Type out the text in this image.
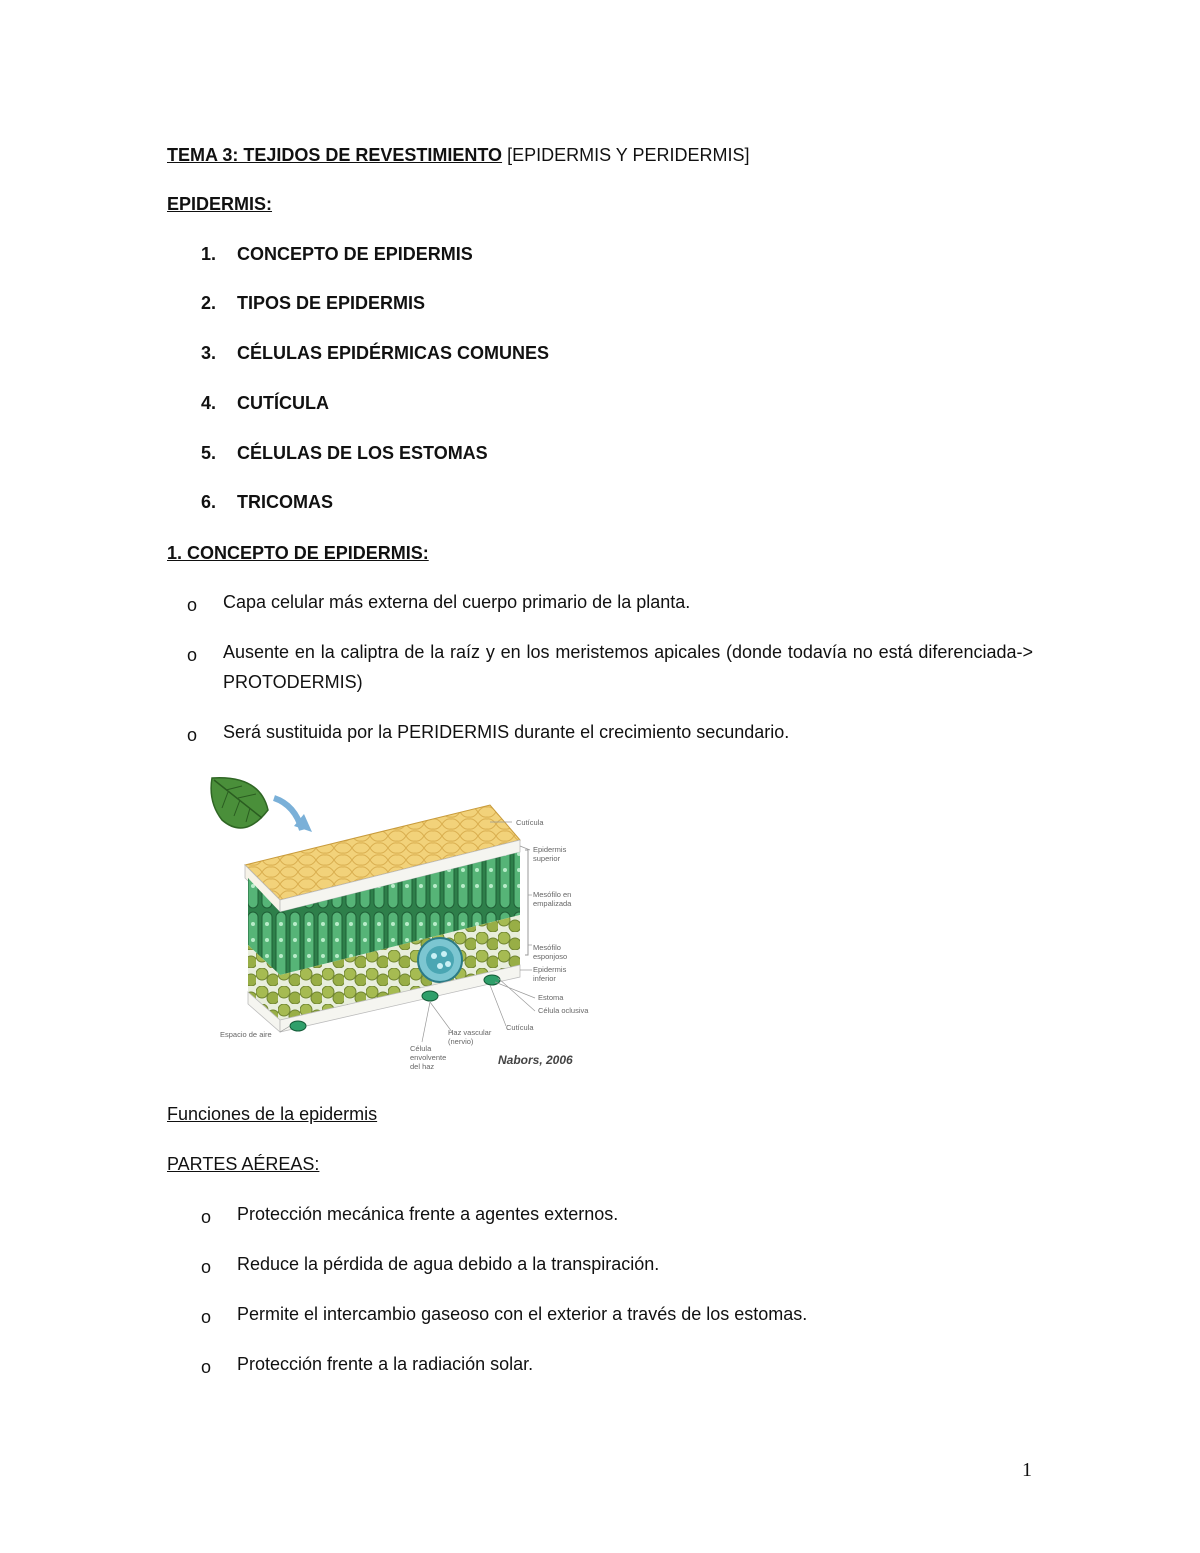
TEMA 3: TEJIDOS DE REVESTIMIENTO [EPIDERMIS Y PERIDERMIS]
EPIDERMIS:
1. CONCEPTO DE EPIDERMIS
2. TIPOS DE EPIDERMIS
3. CÉLULAS EPIDÉRMICAS COMUNES
4. CUTÍCULA
5. CÉLULAS DE LOS ESTOMAS
6. TRICOMAS
1. CONCEPTO DE EPIDERMIS:
o Capa celular más externa del cuerpo primario de la planta.
o Ausente en la caliptra de la raíz y en los meristemos apicales (donde todavía no está diferenciada-> PROTODERMIS)
o Será sustituida por la PERIDERMIS durante el crecimiento secundario.
Cutícula
Epidermis
superior
Mesófilo en
empalizada
Mesófilo
esponjoso
Epidermis
inferior
Estoma
Célula oclusiva
Cutícula
Espacio de aire	Haz vascular
(nervio)
Célula
envolvente
del haz	Nabors, 2006
Funciones de la epidermis
PARTES AÉREAS:
o Protección mecánica frente a agentes externos.
o Reduce la pérdida de agua debido a la transpiración.
o Permite el intercambio gaseoso con el exterior a través de los estomas.
o Protección frente a la radiación solar.
1
